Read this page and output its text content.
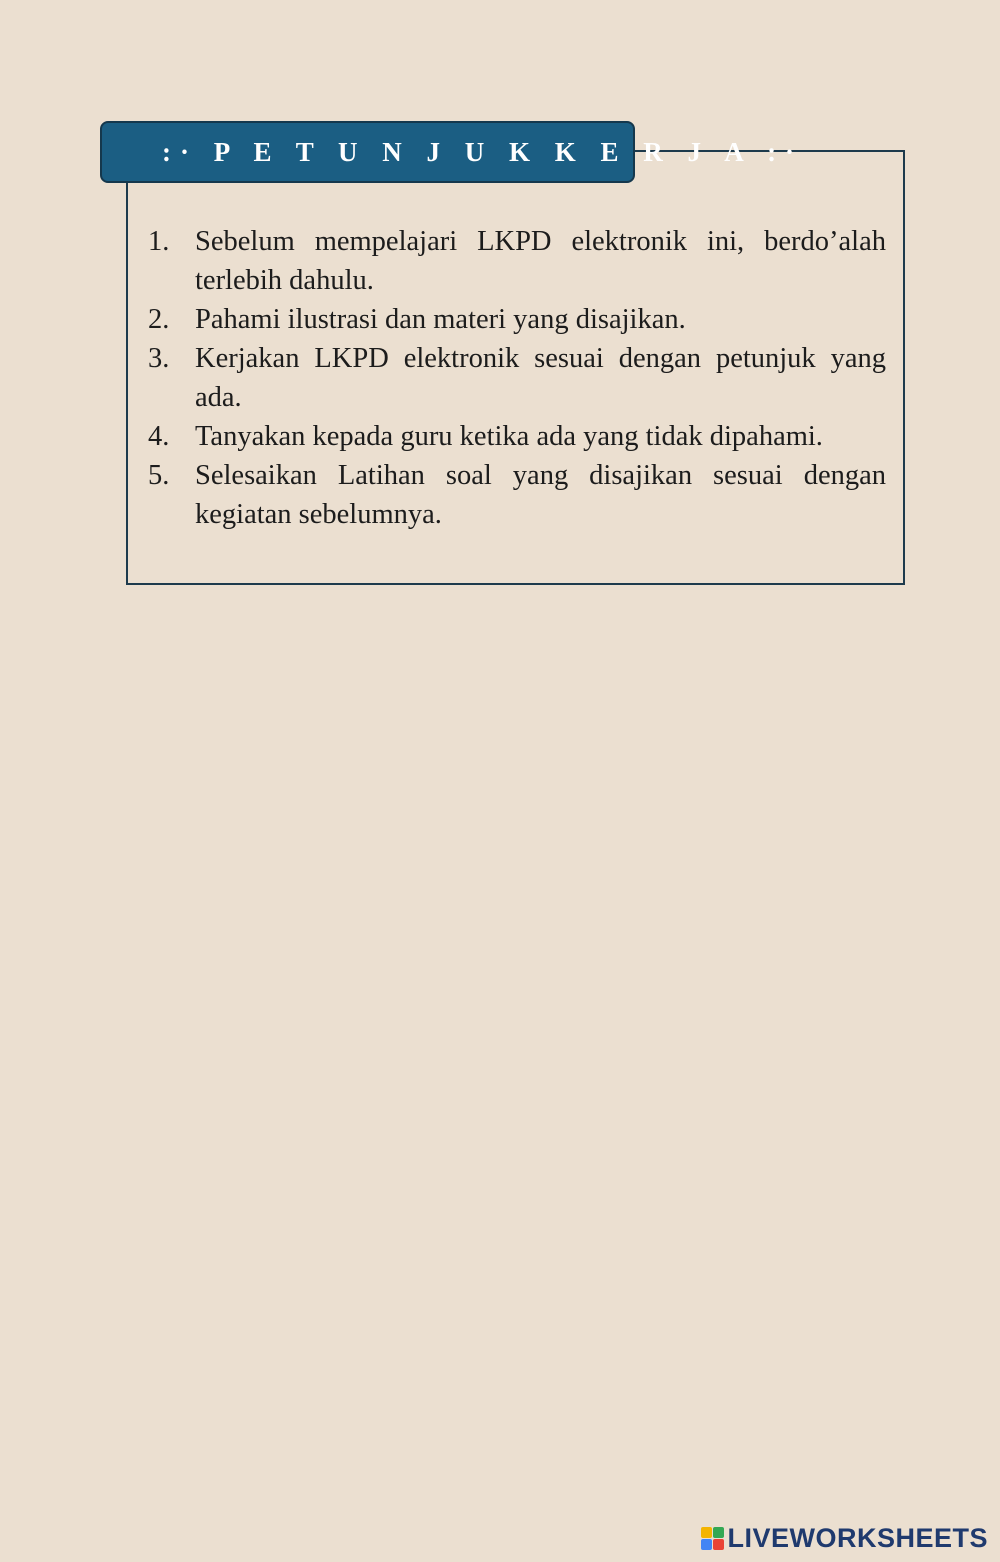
:· P E T U N J U K K E R J A :·
1. Sebelum mempelajari LKPD elektronik ini, berdo’alah terlebih dahulu.
2. Pahami ilustrasi dan materi yang disajikan.
3. Kerjakan LKPD elektronik sesuai dengan petunjuk yang ada.
4. Tanyakan kepada guru ketika ada yang tidak dipahami.
5. Selesaikan Latihan soal yang disajikan sesuai dengan kegiatan sebelumnya.
LIVEWORKSHEETS
